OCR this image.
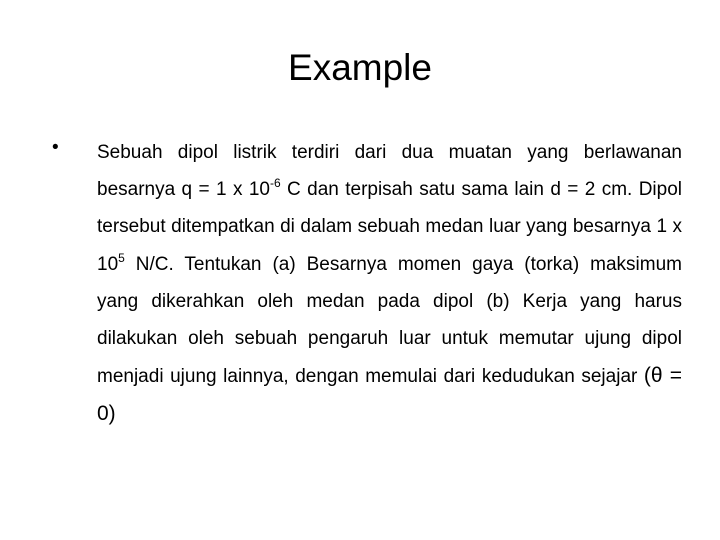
Example
• Sebuah dipol listrik terdiri dari dua muatan yang berlawanan besarnya q = 1 x $10^{-6}$ C dan terpisah satu sama lain d = 2 cm. Dipol tersebut ditempatkan di dalam sebuah medan luar yang besarnya 1 x $10^5$ N/C. Tentukan (a) Besarnya momen gaya (torka) maksimum yang dikerahkan oleh medan pada dipol (b) Kerja yang harus dilakukan oleh sebuah pengaruh luar untuk memutar ujung dipol menjadi ujung lainnya, dengan memulai dari kedudukan sejajar (θ = 0)
